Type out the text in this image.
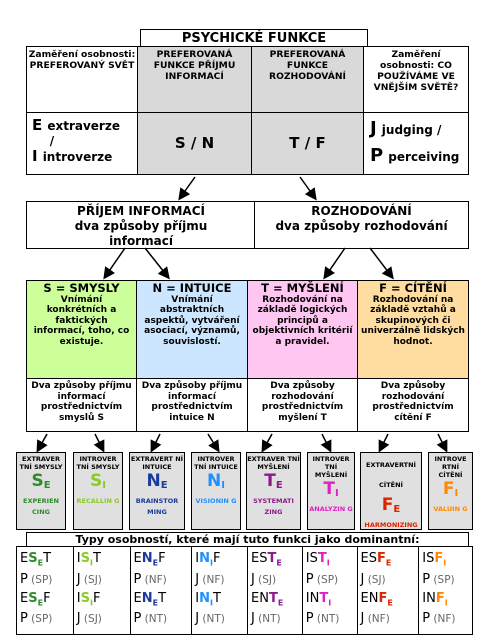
PSYCHICKÉ FUNKCE
Zaměření osobnosti: PREFEROVANÝ SVĚT
PREFEROVANÁ FUNKCE PŘÍJMU INFORMACÍ
PREFEROVANÁ FUNKCE ROZHODOVÁNÍ
Zaměření osobnosti: CO POUŽÍVÁME VE VNĚJŠÍM SVĚTĚ?
E extraverze
/
I introverze
S / N	T / F
J judging /
P perceiving
PŘÍJEM INFORMACÍ
dva způsoby příjmu informací
ROZHODOVÁNÍ
dva způsoby rozhodování
S = SMYSLY
Vnímání konkrétních a faktických informací, toho, co existuje.
N = INTUICE
Vnímání abstraktních aspektů, vytváření asociací, významů, souvislostí.
T = MYŠLENÍ
Rozhodování na základě logických principů a objektivních kritérií a pravidel.
F = CÍTĚNÍ
Rozhodování na základě vztahů a skupinových či univerzálně lidských hodnot.
Dva způsoby příjmu informací prostřednictvím smyslů S
Dva způsoby příjmu informací prostřednictvím intuice N
Dva způsoby rozhodování prostřednictvím myšlení T
Dva způsoby rozhodování prostřednictvím cítění F
EXTRAVER TNÍ SMYSLY
$S_E$
EXPERIEN CING
INTROVER TNÍ SMYSLY
$S_I$
RECALLIN G
EXTRAVERT NÍ INTUICE
$N_E$
BRAINSTOR MING
INTROVER TNÍ INTUICE
$N_I$
VISIONIN G
EXTRAVER TNÍ MYŠLENÍ
$T_E$
SYSTEMATI ZING
INTROVER TNÍ MYŠLENÍ
$T_I$
ANALYZIN G
EXTRAVERTNÍ CÍTĚNÍ
$F_E$
HARMONIZING
INTROVE RTNÍ CÍTĚNÍ
$F_I$
VALUIN G
Typy osobností, které mají tuto funkci jako dominantní:
$ES_ET$
P (SP)
$ES_EF$
P (SP)
$IS_IT$
J (SJ)
$IS_IF$
J (SJ)
$EN_EF$
P (NF)
$EN_ET$
P (NT)
$IN_IF$
J (NF)
$IN_IT$
J (NT)
$EST_E$
J (SJ)
$ENT_E$
J (NT)
$IST_I$
P (SP)
$INT_I$
P (NT)
$ESF_E$
J (SJ)
$ENF_E$
J (NF)
$ISF_I$
P (SP)
$INF_I$
P (NF)
